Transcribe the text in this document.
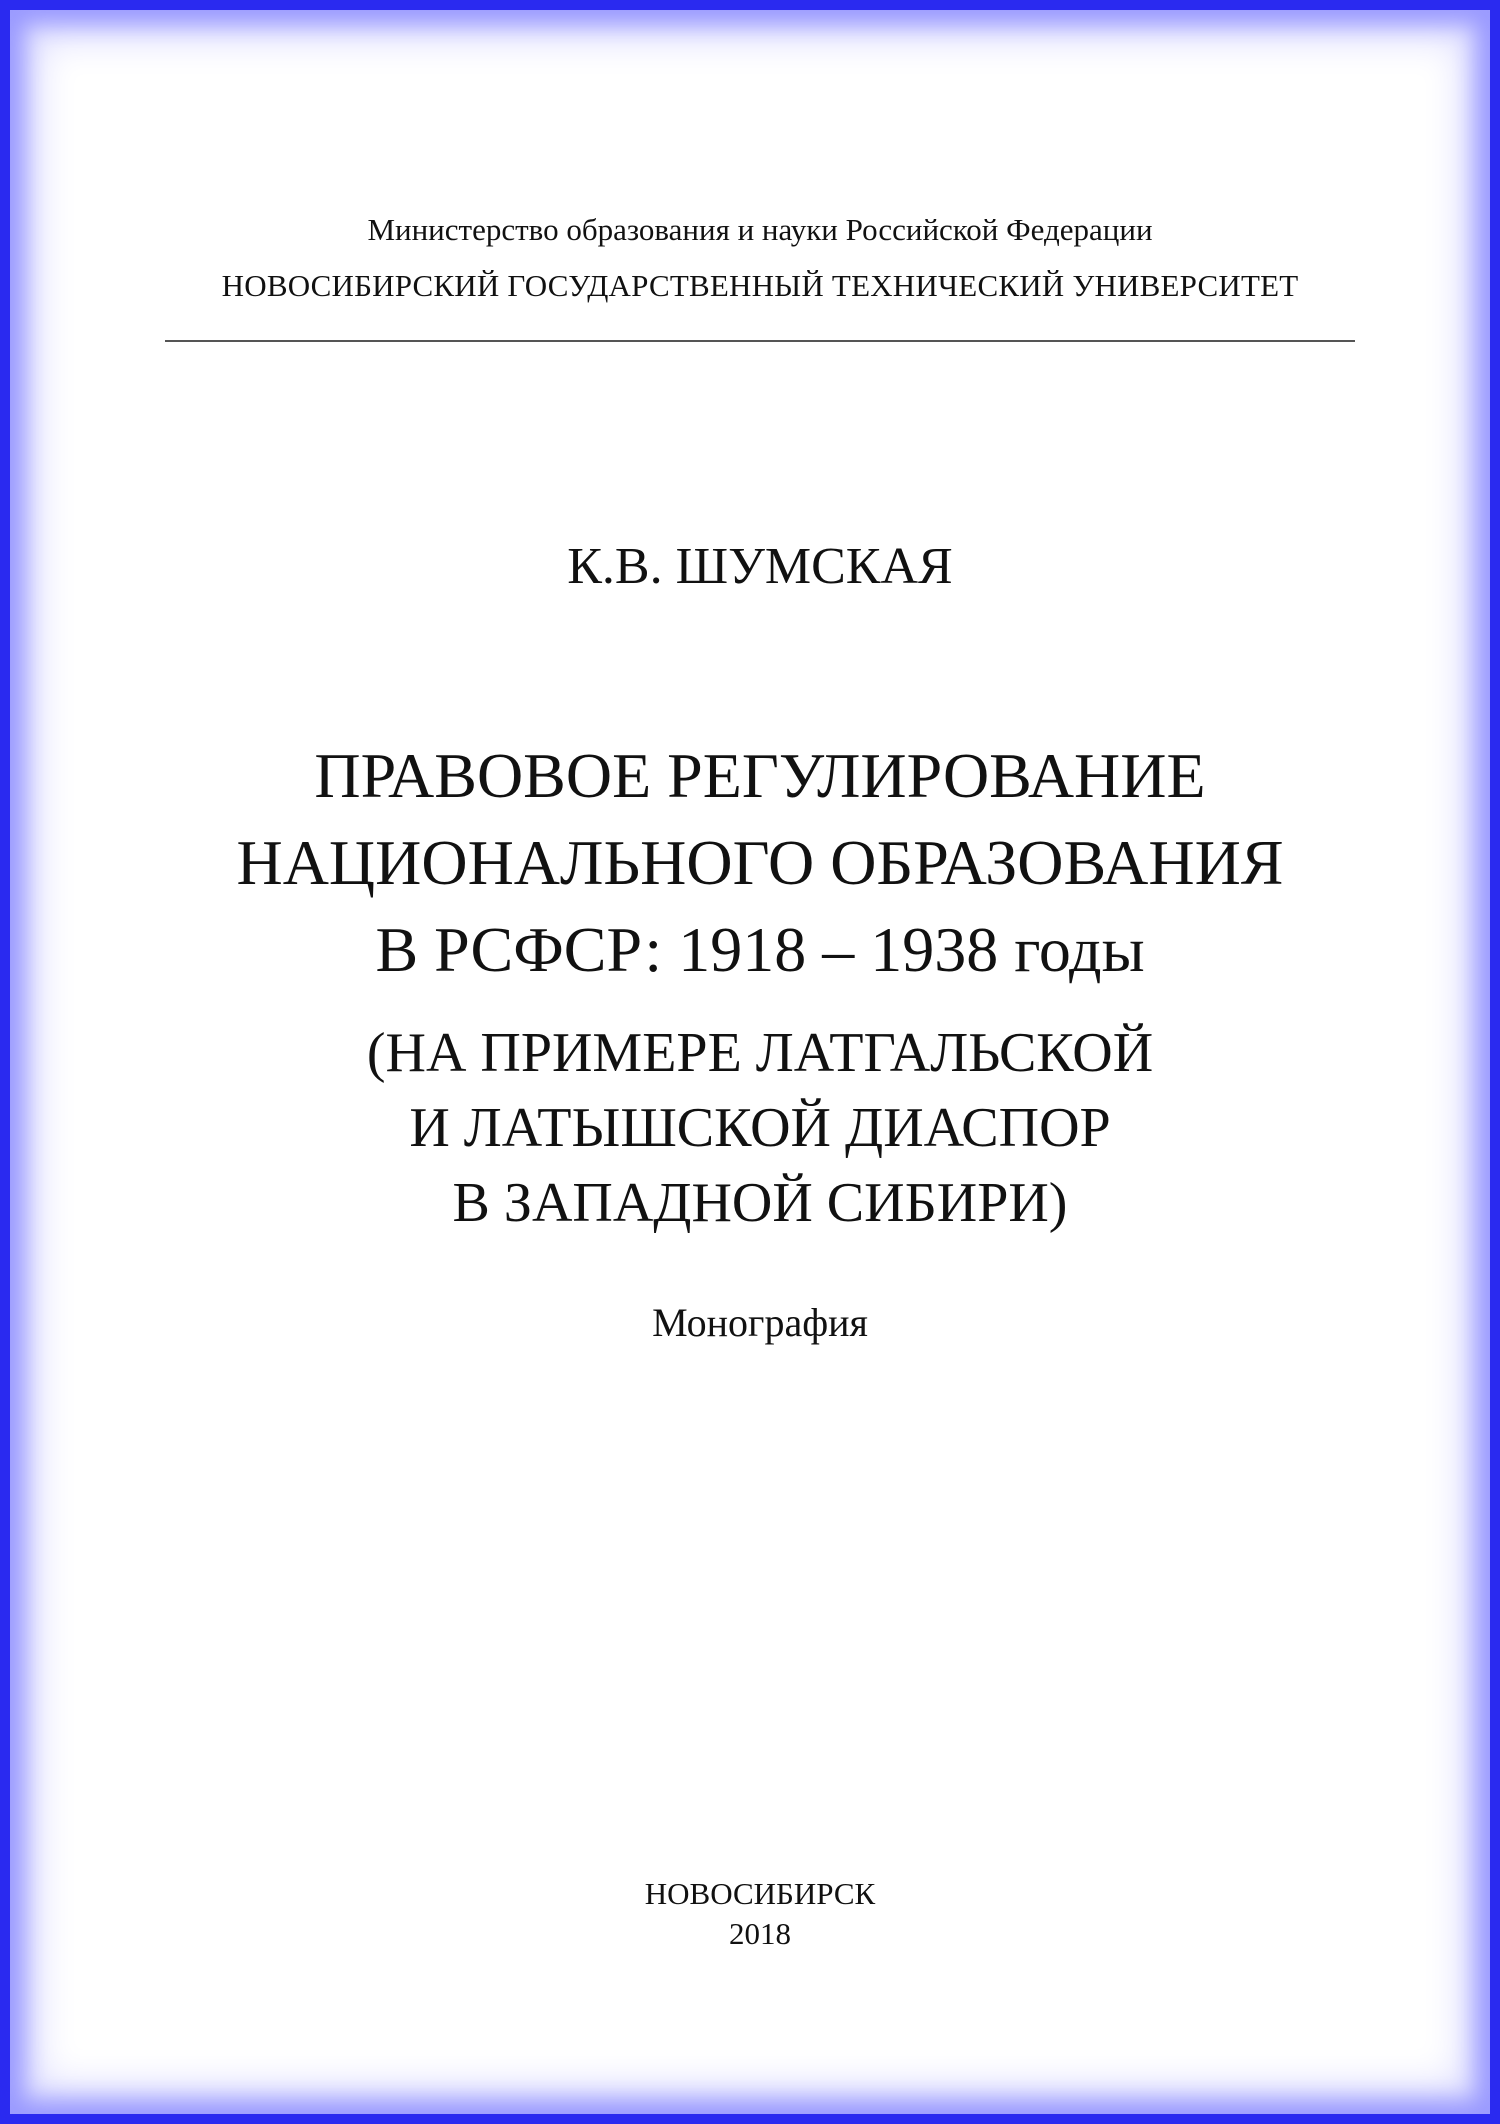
Министерство образования и науки Российской Федерации
НОВОСИБИРСКИЙ ГОСУДАРСТВЕННЫЙ ТЕХНИЧЕСКИЙ УНИВЕРСИТЕТ
К.В. ШУМСКАЯ
ПРАВОВОЕ РЕГУЛИРОВАНИЕ
НАЦИОНАЛЬНОГО ОБРАЗОВАНИЯ
В РСФСР: 1918 – 1938 годы
(НА ПРИМЕРЕ ЛАТГАЛЬСКОЙ
И ЛАТЫШСКОЙ ДИАСПОР
В ЗАПАДНОЙ СИБИРИ)
Монография
НОВОСИБИРСК
2018
